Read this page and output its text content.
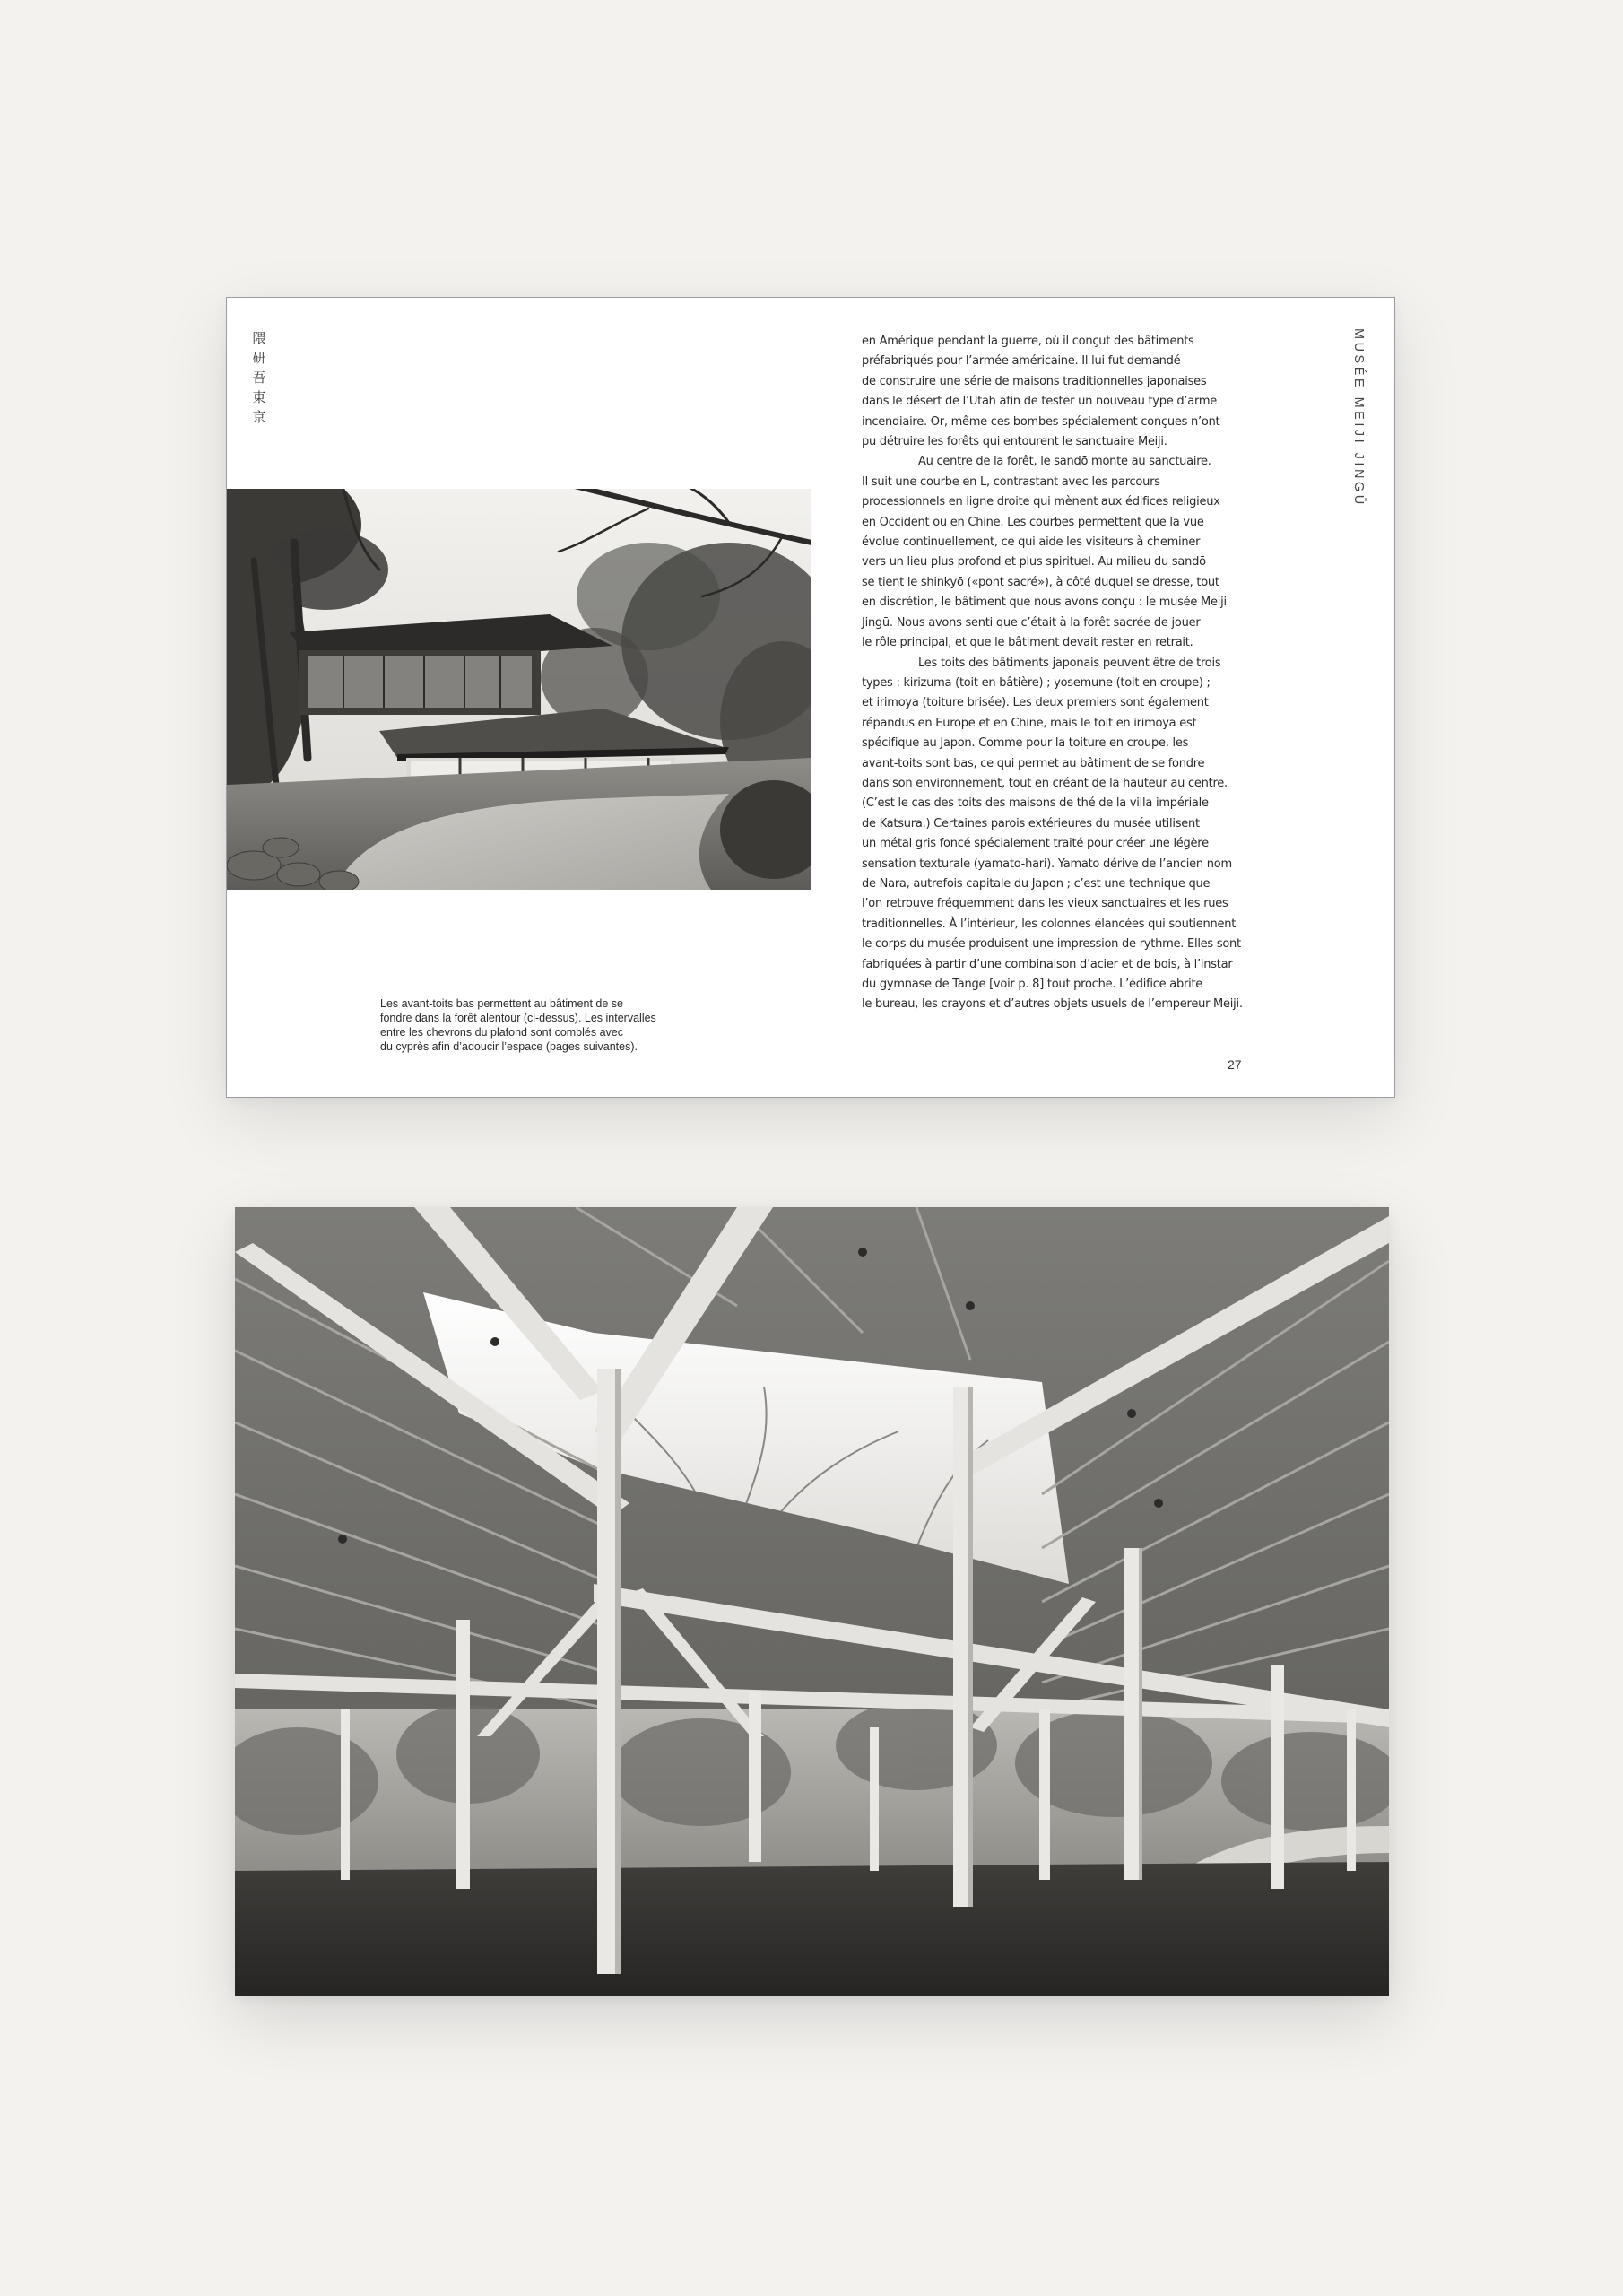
隈研吾東京	MUSÉE MEIJI JINGŪ
Les avant-toits bas permettent au bâtiment de se
fondre dans la forêt alentour (ci-dessus). Les intervalles
entre les chevrons du plafond sont comblés avec
du cyprès afin d’adoucir l’espace (pages suivantes).
en Amérique pendant la guerre, où il conçut des bâtiments
préfabriqués pour l’armée américaine. Il lui fut demandé
de construire une série de maisons traditionnelles japonaises
dans le désert de l’Utah afin de tester un nouveau type d’arme
incendiaire. Or, même ces bombes spécialement conçues n’ont
pu détruire les forêts qui entourent le sanctuaire Meiji.
Au centre de la forêt, le sandō monte au sanctuaire.
Il suit une courbe en L, contrastant avec les parcours
processionnels en ligne droite qui mènent aux édifices religieux
en Occident ou en Chine. Les courbes permettent que la vue
évolue continuellement, ce qui aide les visiteurs à cheminer
vers un lieu plus profond et plus spirituel. Au milieu du sandō
se tient le shinkyō («pont sacré»), à côté duquel se dresse, tout
en discrétion, le bâtiment que nous avons conçu : le musée Meiji
Jingū. Nous avons senti que c’était à la forêt sacrée de jouer
le rôle principal, et que le bâtiment devait rester en retrait.
Les toits des bâtiments japonais peuvent être de trois
types : kirizuma (toit en bâtière) ; yosemune (toit en croupe) ;
et irimoya (toiture brisée). Les deux premiers sont également
répandus en Europe et en Chine, mais le toit en irimoya est
spécifique au Japon. Comme pour la toiture en croupe, les
avant-toits sont bas, ce qui permet au bâtiment de se fondre
dans son environnement, tout en créant de la hauteur au centre.
(C’est le cas des toits des maisons de thé de la villa impériale
de Katsura.) Certaines parois extérieures du musée utilisent
un métal gris foncé spécialement traité pour créer une légère
sensation texturale (yamato-hari). Yamato dérive de l’ancien nom
de Nara, autrefois capitale du Japon ; c’est une technique que
l’on retrouve fréquemment dans les vieux sanctuaires et les rues
traditionnelles. À l’intérieur, les colonnes élancées qui soutiennent
le corps du musée produisent une impression de rythme. Elles sont
fabriquées à partir d’une combinaison d’acier et de bois, à l’instar
du gymnase de Tange [voir p. 8] tout proche. L’édifice abrite
le bureau, les crayons et d’autres objets usuels de l’empereur Meiji.
27
